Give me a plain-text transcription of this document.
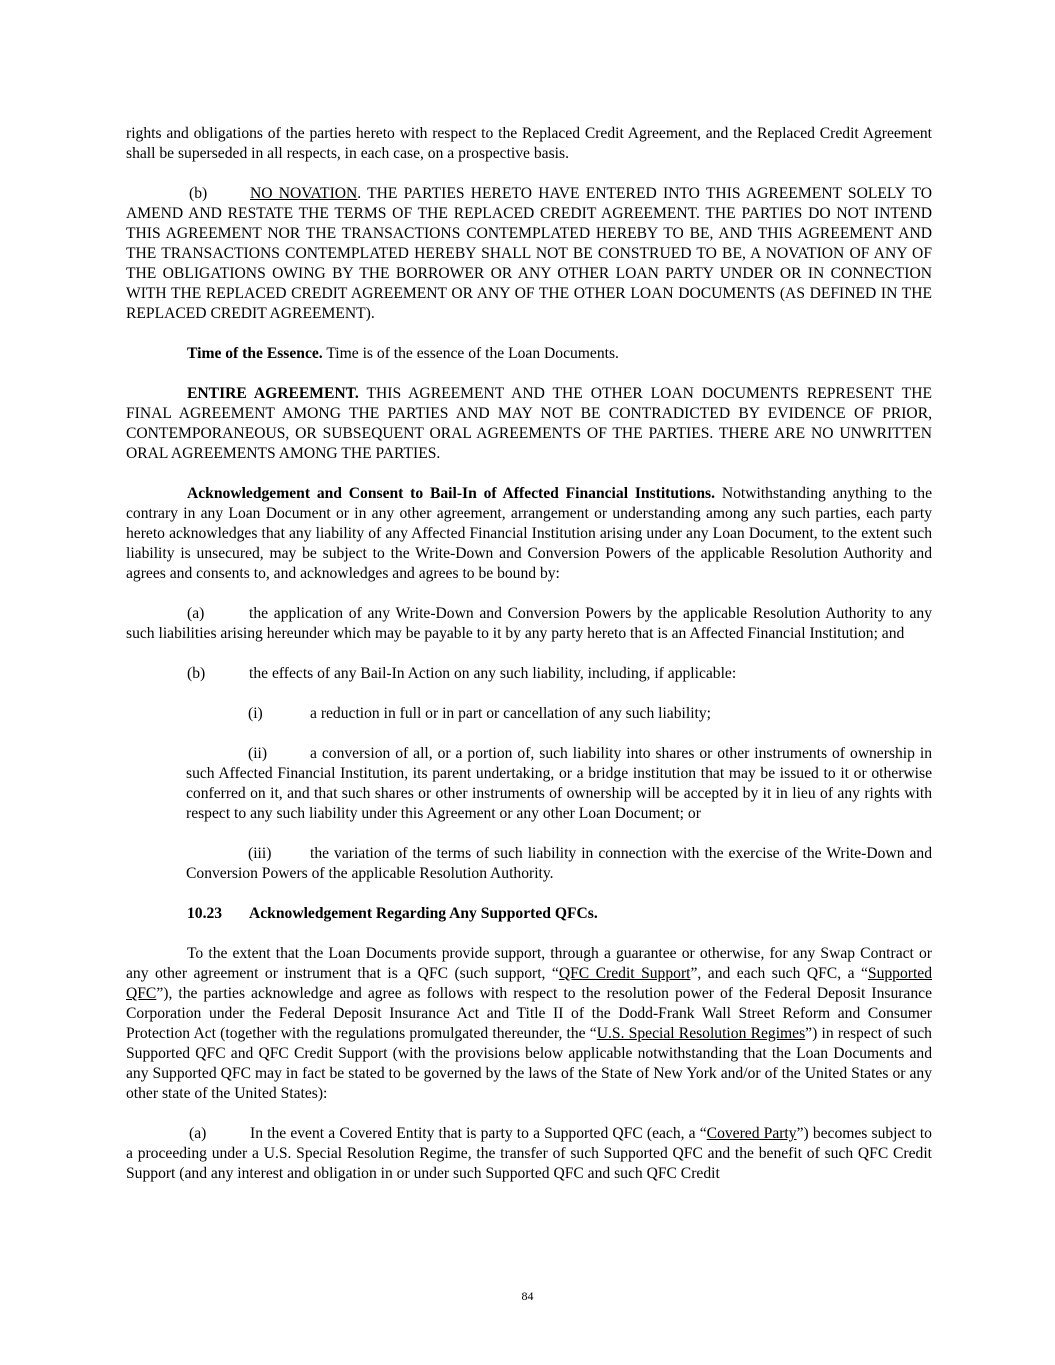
rights and obligations of the parties hereto with respect to the Replaced Credit Agreement, and the Replaced Credit Agreement shall be superseded in all respects, in each case, on a prospective basis.

(b)	NO NOVATION. THE PARTIES HERETO HAVE ENTERED INTO THIS AGREEMENT SOLELY TO AMEND AND RESTATE THE TERMS OF THE REPLACED CREDIT AGREEMENT. THE PARTIES DO NOT INTEND THIS AGREEMENT NOR THE TRANSACTIONS CONTEMPLATED HEREBY TO BE, AND THIS AGREEMENT AND THE TRANSACTIONS CONTEMPLATED HEREBY SHALL NOT BE CONSTRUED TO BE, A NOVATION OF ANY OF THE OBLIGATIONS OWING BY THE BORROWER OR ANY OTHER LOAN PARTY UNDER OR IN CONNECTION WITH THE REPLACED CREDIT AGREEMENT OR ANY OF THE OTHER LOAN DOCUMENTS (AS DEFINED IN THE REPLACED CREDIT AGREEMENT).

Time of the Essence. Time is of the essence of the Loan Documents.

ENTIRE AGREEMENT. THIS AGREEMENT AND THE OTHER LOAN DOCUMENTS REPRESENT THE FINAL AGREEMENT AMONG THE PARTIES AND MAY NOT BE CONTRADICTED BY EVIDENCE OF PRIOR, CONTEMPORANEOUS, OR SUBSEQUENT ORAL AGREEMENTS OF THE PARTIES. THERE ARE NO UNWRITTEN ORAL AGREEMENTS AMONG THE PARTIES.

Acknowledgement and Consent to Bail-In of Affected Financial Institutions. Notwithstanding anything to the contrary in any Loan Document or in any other agreement, arrangement or understanding among any such parties, each party hereto acknowledges that any liability of any Affected Financial Institution arising under any Loan Document, to the extent such liability is unsecured, may be subject to the Write-Down and Conversion Powers of the applicable Resolution Authority and agrees and consents to, and acknowledges and agrees to be bound by:

(a)	the application of any Write-Down and Conversion Powers by the applicable Resolution Authority to any such liabilities arising hereunder which may be payable to it by any party hereto that is an Affected Financial Institution; and

(b)	the effects of any Bail-In Action on any such liability, including, if applicable:

(i)	a reduction in full or in part or cancellation of any such liability;

(ii)	a conversion of all, or a portion of, such liability into shares or other instruments of ownership in such Affected Financial Institution, its parent undertaking, or a bridge institution that may be issued to it or otherwise conferred on it, and that such shares or other instruments of ownership will be accepted by it in lieu of any rights with respect to any such liability under this Agreement or any other Loan Document; or

(iii) the variation of the terms of such liability in connection with the exercise of the Write-Down and Conversion Powers of the applicable Resolution Authority.

10.23 Acknowledgement Regarding Any Supported QFCs.

To the extent that the Loan Documents provide support, through a guarantee or otherwise, for any Swap Contract or any other agreement or instrument that is a QFC (such support, “QFC Credit Support”, and each such QFC, a “Supported QFC”), the parties acknowledge and agree as follows with respect to the resolution power of the Federal Deposit Insurance Corporation under the Federal Deposit Insurance Act and Title II of the Dodd-Frank Wall Street Reform and Consumer Protection Act (together with the regulations promulgated thereunder, the “U.S. Special Resolution Regimes”) in respect of such Supported QFC and QFC Credit Support (with the provisions below applicable notwithstanding that the Loan Documents and any Supported QFC may in fact be stated to be governed by the laws of the State of New York and/or of the United States or any other state of the United States):

(a)	In the event a Covered Entity that is party to a Supported QFC (each, a “Covered Party”) becomes subject to a proceeding under a U.S. Special Resolution Regime, the transfer of such Supported QFC and the benefit of such QFC Credit Support (and any interest and obligation in or under such Supported QFC and such QFC Credit

84
